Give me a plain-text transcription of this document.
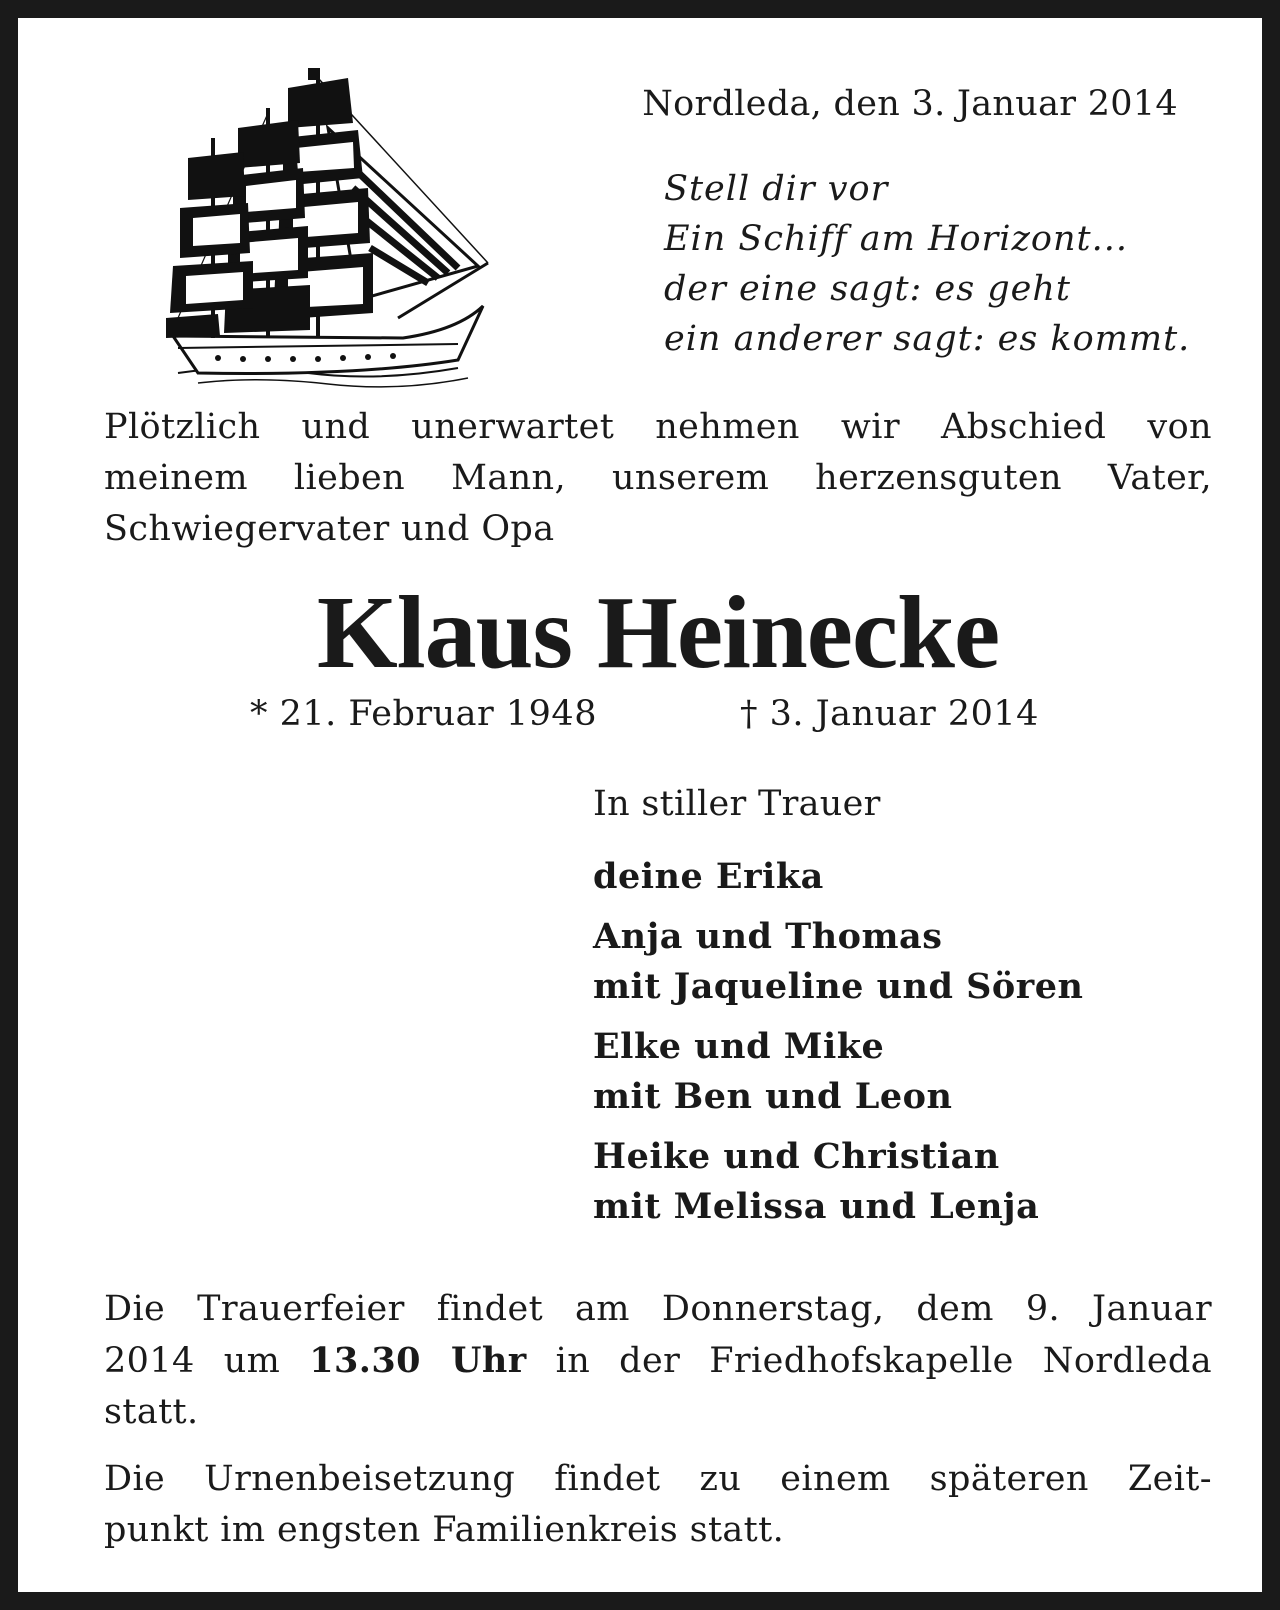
Nordleda, den 3. Januar 2014
Stell dir vor
Ein Schiff am Horizont...
der eine sagt: es geht
ein anderer sagt: es kommt.
Plötzlich und unerwartet nehmen wir Abschied von
meinem lieben Mann, unserem herzensguten Vater,
Schwiegervater und Opa
Klaus Heinecke
* 21. Februar 1948	† 3. Januar 2014
In stiller Trauer
deine Erika
Anja und Thomas
mit Jaqueline und Sören
Elke und Mike
mit Ben und Leon
Heike und Christian
mit Melissa und Lenja
Die Trauerfeier findet am Donnerstag, dem 9. Januar
2014 um 13.30 Uhr in der Friedhofskapelle Nordleda
statt.
Die Urnenbeisetzung findet zu einem späteren Zeit-
punkt im engsten Familienkreis statt.
